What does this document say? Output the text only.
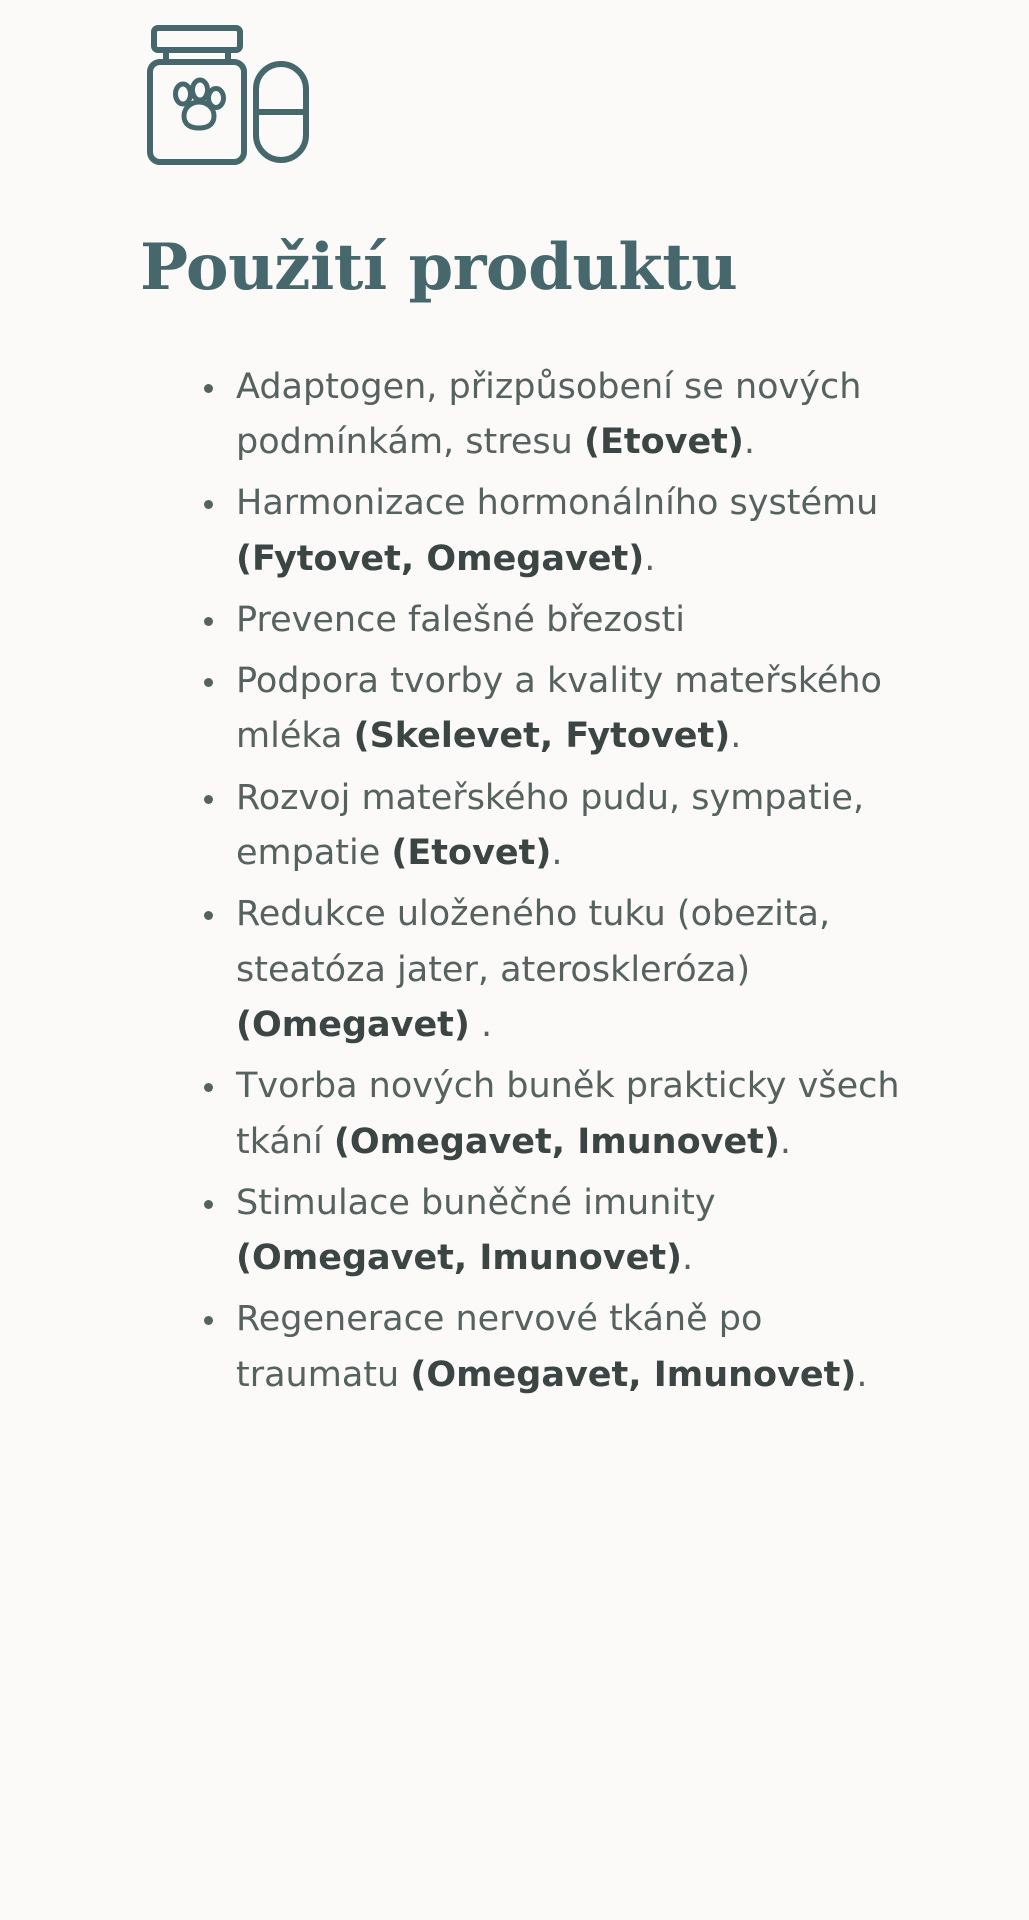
Použití produktu
Adaptogen, přizpůsobení se nových podmínkám, stresu (Etovet).
Harmonizace hormonálního systému (Fytovet, Omegavet).
Prevence falešné březosti
Podpora tvorby a kvality mateřského mléka (Skelevet, Fytovet).
Rozvoj mateřského pudu, sympatie, empatie (Etovet).
Redukce uloženého tuku (obezita, steatóza jater, ateroskleróza) (Omegavet) .
Tvorba nových buněk prakticky všech tkání (Omegavet, Imunovet).
Stimulace buněčné imunity (Omegavet, Imunovet).
Regenerace nervové tkáně po traumatu (Omegavet, Imunovet).
